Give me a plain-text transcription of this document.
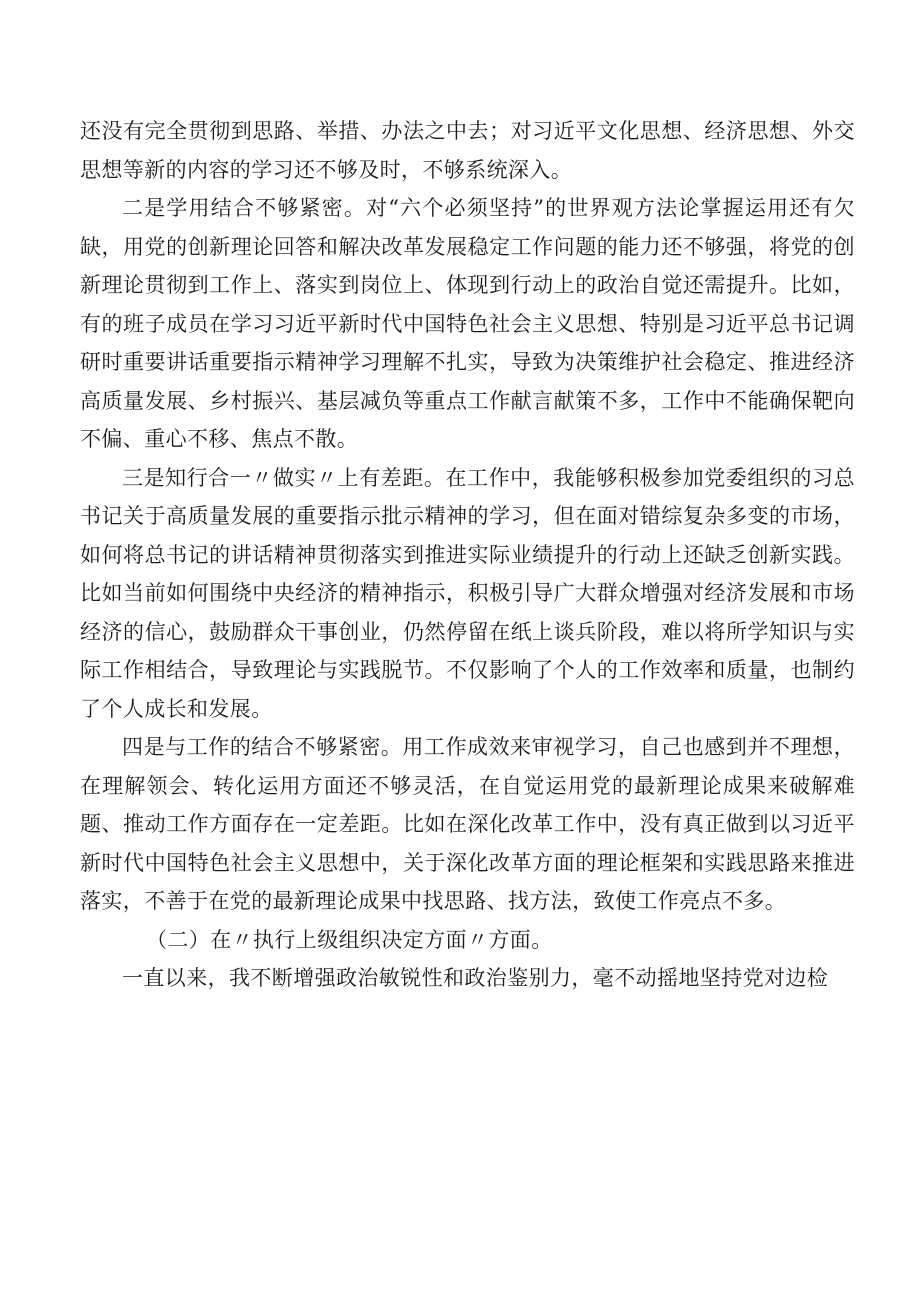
还没有完全贯彻到思路、举措、办法之中去；对习近平文化思想、经济思想、外交思想等新的内容的学习还不够及时，不够系统深入。

二是学用结合不够紧密。对“六个必须坚持”的世界观方法论掌握运用还有欠缺，用党的创新理论回答和解决改革发展稳定工作问题的能力还不够强，将党的创新理论贯彻到工作上、落实到岗位上、体现到行动上的政治自觉还需提升。比如，有的班子成员在学习习近平新时代中国特色社会主义思想、特别是习近平总书记调研时重要讲话重要指示精神学习理解不扎实，导致为决策维护社会稳定、推进经济高质量发展、乡村振兴、基层减负等重点工作献言献策不多，工作中不能确保靶向不偏、重心不移、焦点不散。

三是知行合一〃做实〃上有差距。在工作中，我能够积极参加党委组织的习总书记关于高质量发展的重要指示批示精神的学习，但在面对错综复杂多变的市场，如何将总书记的讲话精神贯彻落实到推进实际业绩提升的行动上还缺乏创新实践。比如当前如何围绕中央经济的精神指示，积极引导广大群众增强对经济发展和市场经济的信心，鼓励群众干事创业，仍然停留在纸上谈兵阶段，难以将所学知识与实际工作相结合，导致理论与实践脱节。不仅影响了个人的工作效率和质量，也制约了个人成长和发展。

四是与工作的结合不够紧密。用工作成效来审视学习，自己也感到并不理想，在理解领会、转化运用方面还不够灵活，在自觉运用党的最新理论成果来破解难题、推动工作方面存在一定差距。比如在深化改革工作中，没有真正做到以习近平新时代中国特色社会主义思想中，关于深化改革方面的理论框架和实践思路来推进落实，不善于在党的最新理论成果中找思路、找方法，致使工作亮点不多。

（二）在〃执行上级组织决定方面〃方面。

一直以来，我不断增强政治敏锐性和政治鉴别力，毫不动摇地坚持党对边检
